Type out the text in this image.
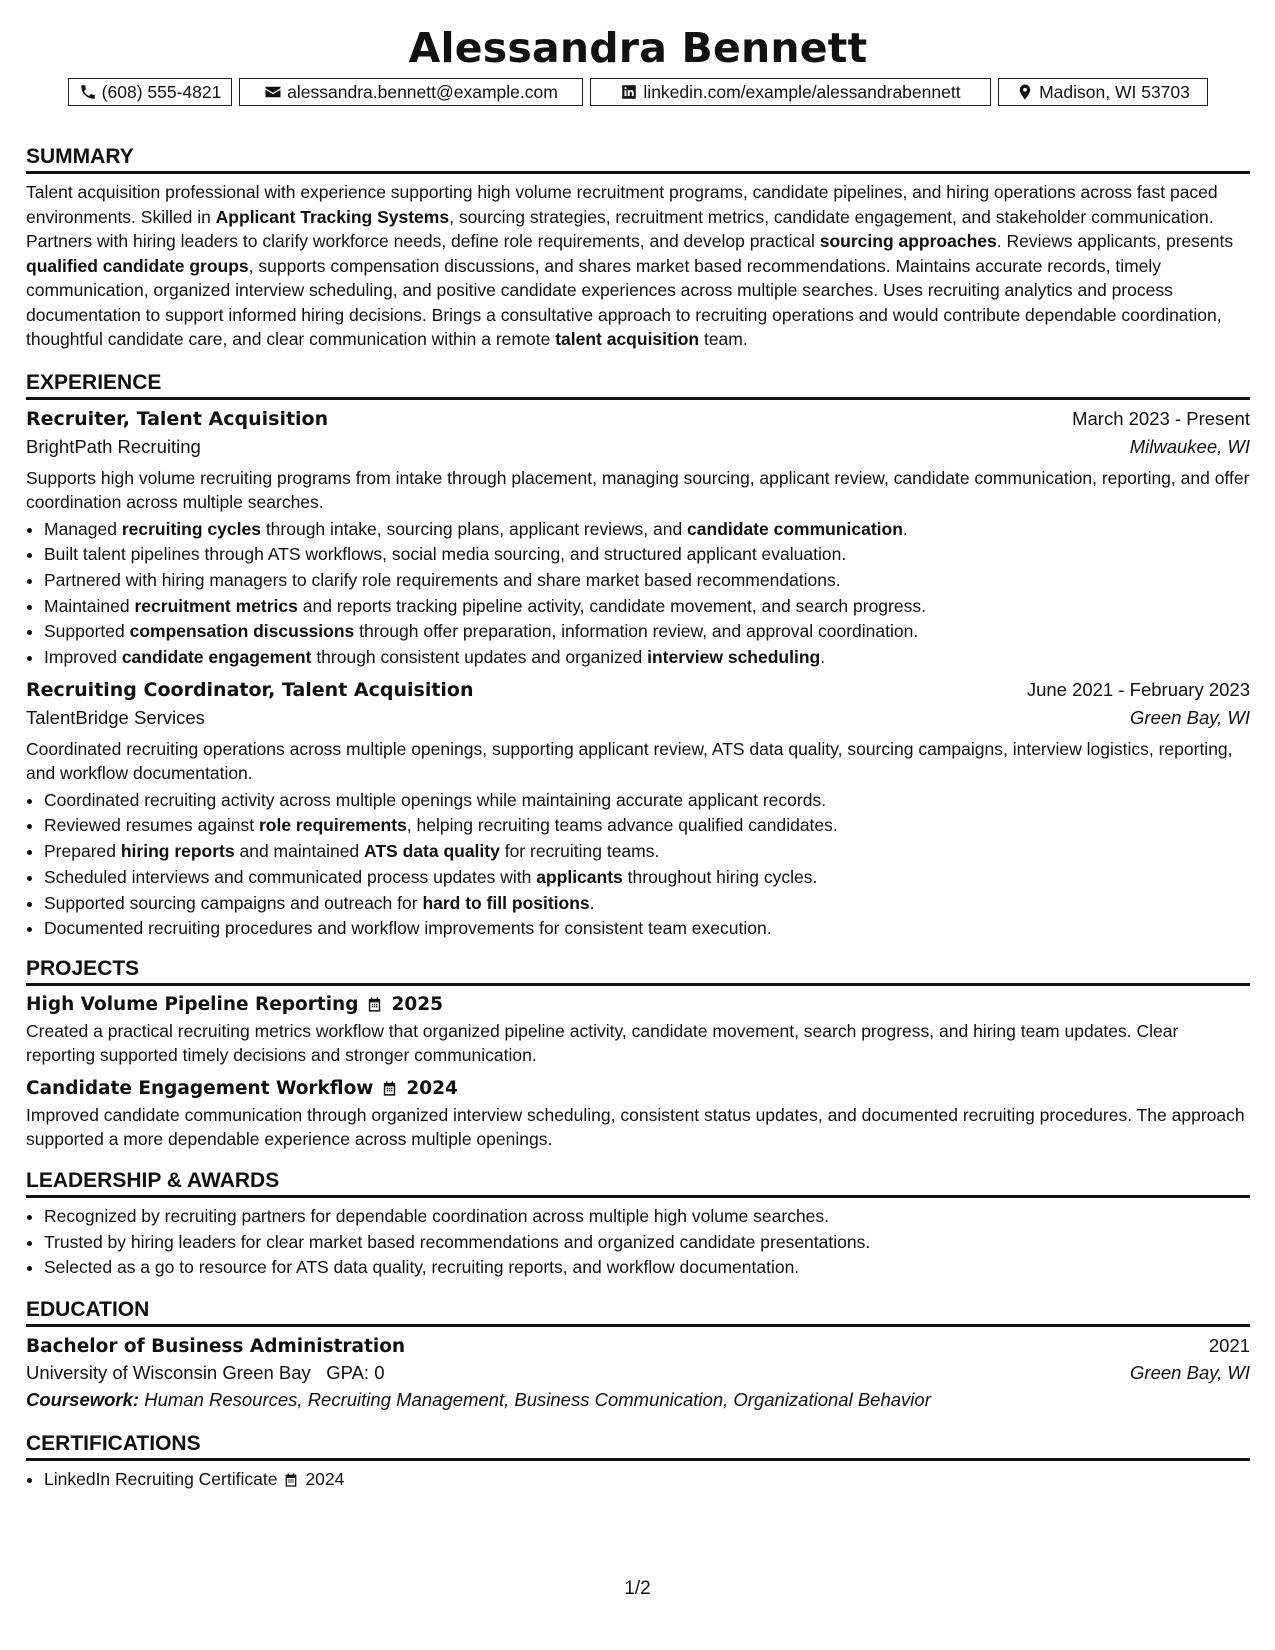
Alessandra Bennett
(608) 555-4821	alessandra.bennett@example.com	linkedin.com/example/alessandrabennett	Madison, WI 53703
SUMMARY
Talent acquisition professional with experience supporting high volume recruitment programs, candidate pipelines, and hiring operations across fast paced environments. Skilled in Applicant Tracking Systems, sourcing strategies, recruitment metrics, candidate engagement, and stakeholder communication. Partners with hiring leaders to clarify workforce needs, define role requirements, and develop practical sourcing approaches. Reviews applicants, presents qualified candidate groups, supports compensation discussions, and shares market based recommendations. Maintains accurate records, timely communication, organized interview scheduling, and positive candidate experiences across multiple searches. Uses recruiting analytics and process documentation to support informed hiring decisions. Brings a consultative approach to recruiting operations and would contribute dependable coordination, thoughtful candidate care, and clear communication within a remote talent acquisition team.
EXPERIENCE
Recruiter, Talent Acquisition	March 2023 - Present
BrightPath Recruiting	Milwaukee, WI
Supports high volume recruiting programs from intake through placement, managing sourcing, applicant review, candidate communication, reporting, and offer coordination across multiple searches.
• Managed recruiting cycles through intake, sourcing plans, applicant reviews, and candidate communication.
• Built talent pipelines through ATS workflows, social media sourcing, and structured applicant evaluation.
• Partnered with hiring managers to clarify role requirements and share market based recommendations.
• Maintained recruitment metrics and reports tracking pipeline activity, candidate movement, and search progress.
• Supported compensation discussions through offer preparation, information review, and approval coordination.
• Improved candidate engagement through consistent updates and organized interview scheduling.
Recruiting Coordinator, Talent Acquisition	June 2021 - February 2023
TalentBridge Services	Green Bay, WI
Coordinated recruiting operations across multiple openings, supporting applicant review, ATS data quality, sourcing campaigns, interview logistics, reporting, and workflow documentation.
• Coordinated recruiting activity across multiple openings while maintaining accurate applicant records.
• Reviewed resumes against role requirements, helping recruiting teams advance qualified candidates.
• Prepared hiring reports and maintained ATS data quality for recruiting teams.
• Scheduled interviews and communicated process updates with applicants throughout hiring cycles.
• Supported sourcing campaigns and outreach for hard to fill positions.
• Documented recruiting procedures and workflow improvements for consistent team execution.
PROJECTS
High Volume Pipeline Reporting 2025
Created a practical recruiting metrics workflow that organized pipeline activity, candidate movement, search progress, and hiring team updates. Clear reporting supported timely decisions and stronger communication.
Candidate Engagement Workflow 2024
Improved candidate communication through organized interview scheduling, consistent status updates, and documented recruiting procedures. The approach supported a more dependable experience across multiple openings.
LEADERSHIP & AWARDS
• Recognized by recruiting partners for dependable coordination across multiple high volume searches.
• Trusted by hiring leaders for clear market based recommendations and organized candidate presentations.
• Selected as a go to resource for ATS data quality, recruiting reports, and workflow documentation.
EDUCATION
Bachelor of Business Administration	2021
University of Wisconsin Green Bay GPA: 0	Green Bay, WI
Coursework: Human Resources, Recruiting Management, Business Communication, Organizational Behavior
CERTIFICATIONS
• LinkedIn Recruiting Certificate 2024
1/2
